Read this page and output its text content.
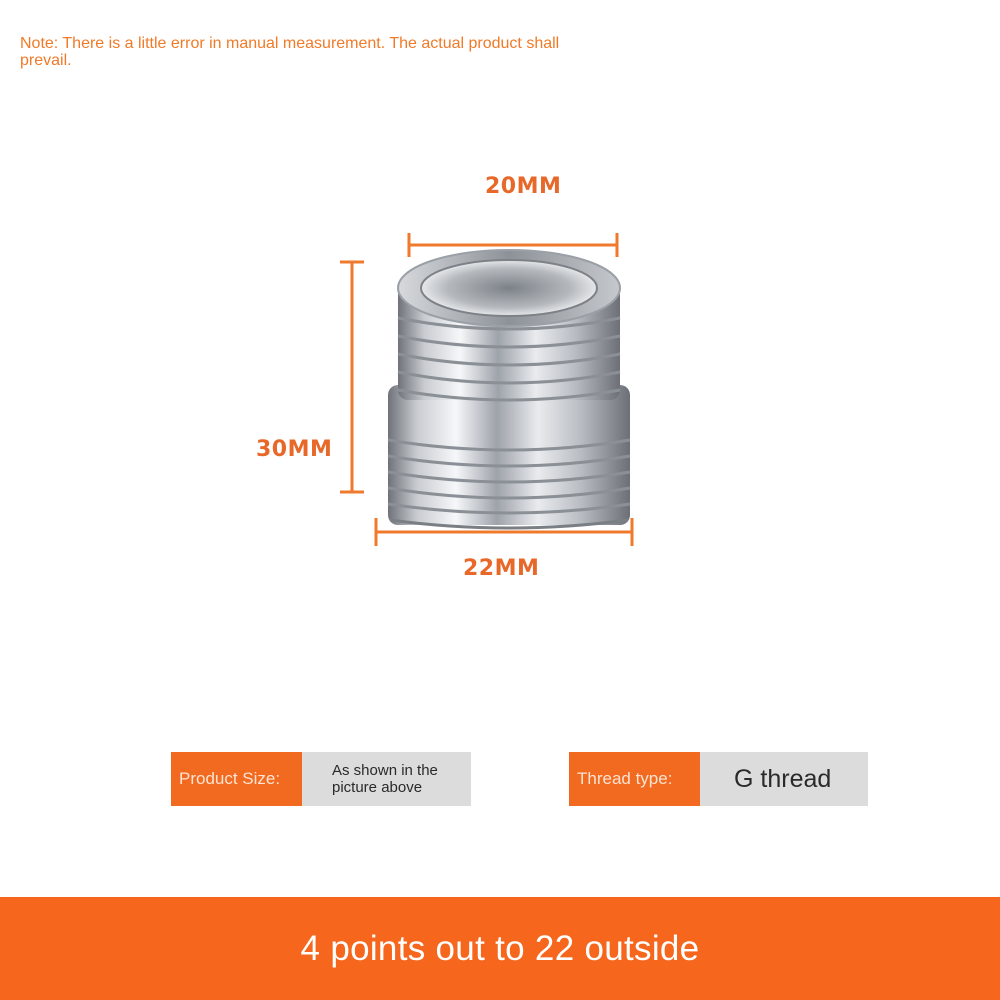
Note: There is a little error in manual measurement. The actual product shall prevail.
20MM
30MM
22MM
Product Size:	As shown in the picture above	Thread type:	G thread
4 points out to 22 outside
